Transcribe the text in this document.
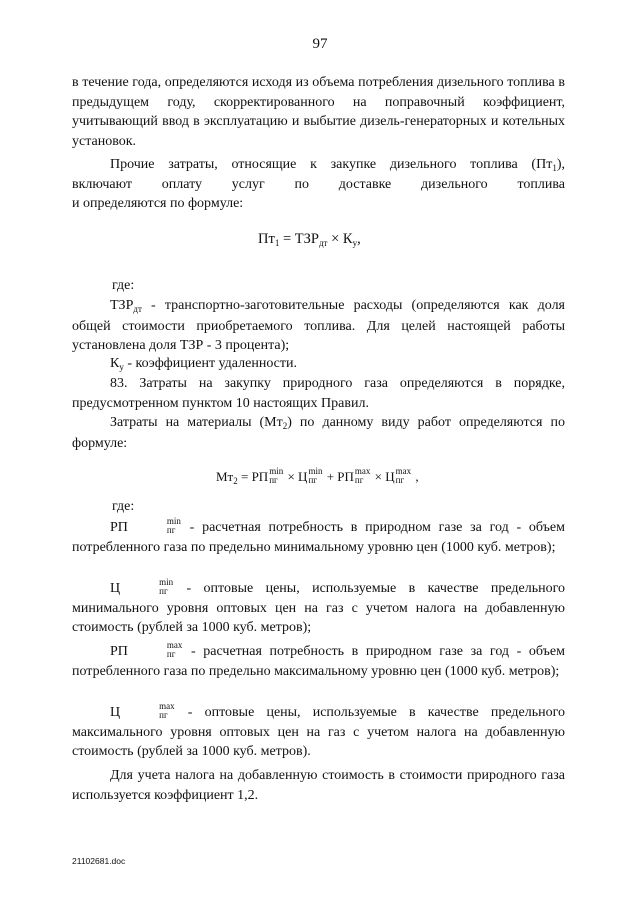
97
в течение года, определяются исходя из объема потребления дизельного топлива в предыдущем году, скорректированного на поправочный коэффициент, учитывающий ввод в эксплуатацию и выбытие дизель-генераторных и котельных установок.
Прочие затраты, относящие к закупке дизельного топлива $(Пт_1)$,
включают оплату услуг по доставке дизельного топлива
и определяются по формуле:
$Пт_1 = ТЗР_{дт} \times К_у$,
где:
$ТЗР_{дт}$ - транспортно-заготовительные расходы (определяются как доля общей стоимости приобретаемого топлива. Для целей настоящей работы установлена доля ТЗР - 3 процента);
$К_у$ - коэффициент удаленности.
83. Затраты на закупку природного газа определяются в порядке, предусмотренном пунктом 10 настоящих Правил.
Затраты на материалы $(Мт_2)$ по данному виду работ определяются по формуле:
$Мт_2$ = РП min
пг × Ц min
пг + РП max
пг × Ц max
пг ,
где:
РП	min
пг - расчетная потребность в природном газе за год - объем потребленного газа по предельно минимальному уровню цен (1000 куб. метров);
Ц	min
пг - оптовые цены, используемые в качестве предельного минимального уровня оптовых цен на газ с учетом налога на добавленную стоимость (рублей за 1000 куб. метров);
РП	max
пг - расчетная потребность в природном газе за год - объем потребленного газа по предельно максимальному уровню цен (1000 куб. метров);
Ц	max
пг - оптовые цены, используемые в качестве предельного максимального уровня оптовых цен на газ с учетом налога на добавленную стоимость (рублей за 1000 куб. метров).
Для учета налога на добавленную стоимость в стоимости природного газа используется коэффициент 1,2.
21102681.doc
